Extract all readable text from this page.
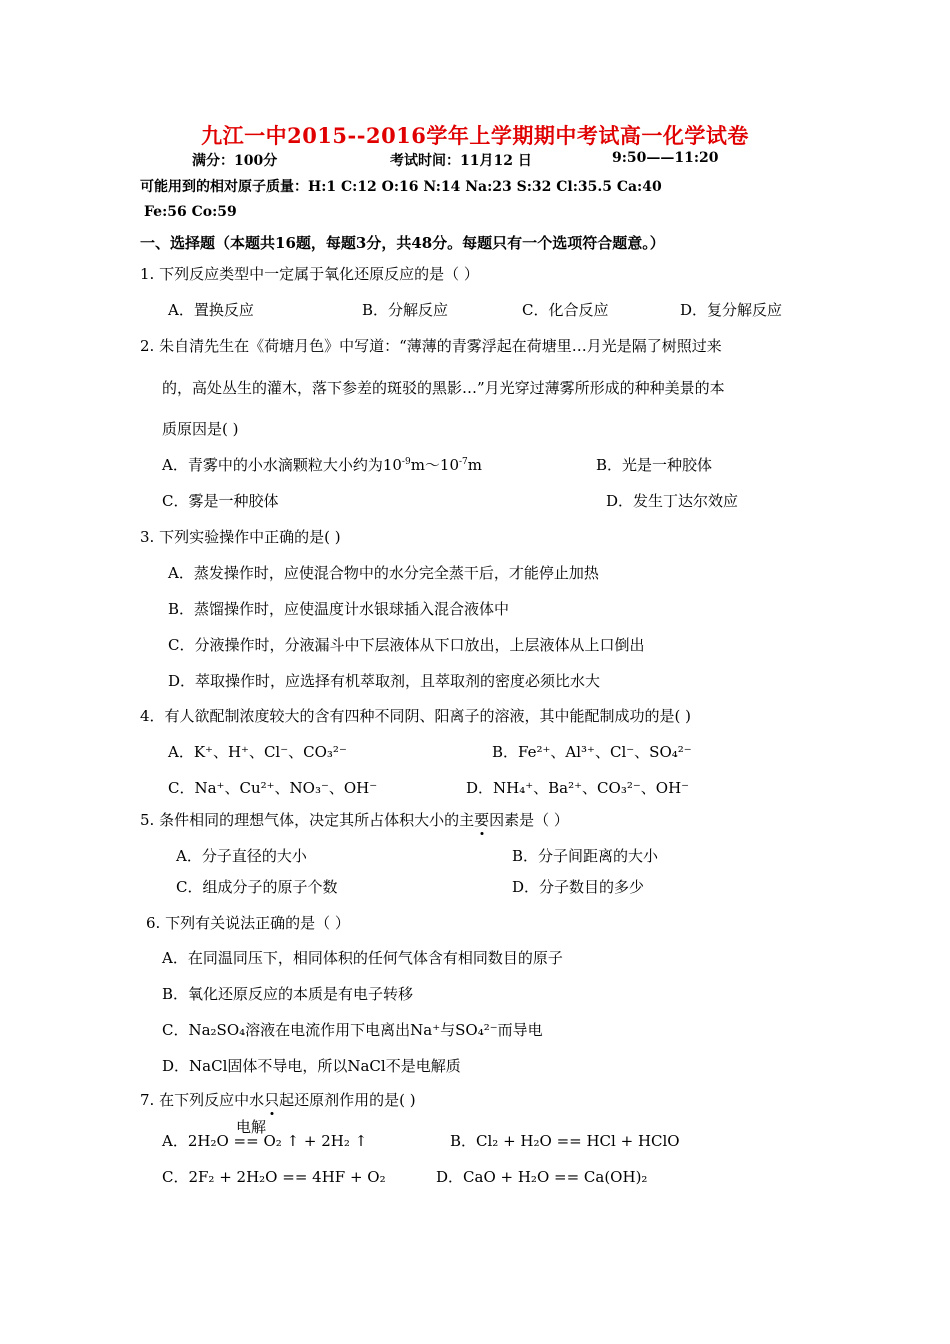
九江一中2015--2016学年上学期期中考试高一化学试卷
满分：100分	考试时间：11月12 日	9:50——11:20
可能用到的相对原子质量：H:1 C:12 O:16 N:14 Na:23 S:32 Cl:35.5 Ca:40
Fe:56 Co:59
一、选择题（本题共16题，每题3分，共48分。每题只有一个选项符合题意。）
1. 下列反应类型中一定属于氧化还原反应的是（ ）
A．置换反应	B．分解反应	C．化合反应	D．复分解反应
2. 朱自清先生在《荷塘月色》中写道：“薄薄的青雾浮起在荷塘里…月光是隔了树照过来
的，高处丛生的灌木，落下参差的斑驳的黑影…”月光穿过薄雾所形成的种种美景的本
质原因是( )
A．青雾中的小水滴颗粒大小约为$10^{-9}m\sim 10^{-7}m$	B．光是一种胶体
C．雾是一种胶体	D．发生丁达尔效应
3. 下列实验操作中正确的是( )
A．蒸发操作时，应使混合物中的水分完全蒸干后，才能停止加热
B．蒸馏操作时，应使温度计水银球插入混合液体中
C．分液操作时，分液漏斗中下层液体从下口放出，上层液体从上口倒出
D．萃取操作时，应选择有机萃取剂，且萃取剂的密度必须比水大
4．有人欲配制浓度较大的含有四种不同阴、阳离子的溶液，其中能配制成功的是( )
A．K⁺、H⁺、Cl⁻、CO₃²⁻	B．Fe²⁺、Al³⁺、Cl⁻、SO₄²⁻
C．Na⁺、Cu²⁺、NO₃⁻、OH⁻	D．NH₄⁺、Ba²⁺、CO₃²⁻、OH⁻
5. 条件相同的理想气体，决定其所占体积大小的主要因素是（ ）
A．分子直径的大小	B．分子间距离的大小
C．组成分子的原子个数	D．分子数目的多少
6. 下列有关说法正确的是（ ）
A．在同温同压下，相同体积的任何气体含有相同数目的原子
B．氧化还原反应的本质是有电子转移
C．Na₂SO₄溶液在电流作用下电离出Na⁺与SO₄²⁻而导电
D．NaCl固体不导电，所以NaCl不是电解质
7. 在下列反应中水只起还原剂作用的是( )
电解
A．2H₂O == O₂ ↑ + 2H₂ ↑	B．Cl₂ + H₂O == HCl + HClO
C．2F₂ + 2H₂O == 4HF + O₂	D．CaO + H₂O == Ca(OH)₂
